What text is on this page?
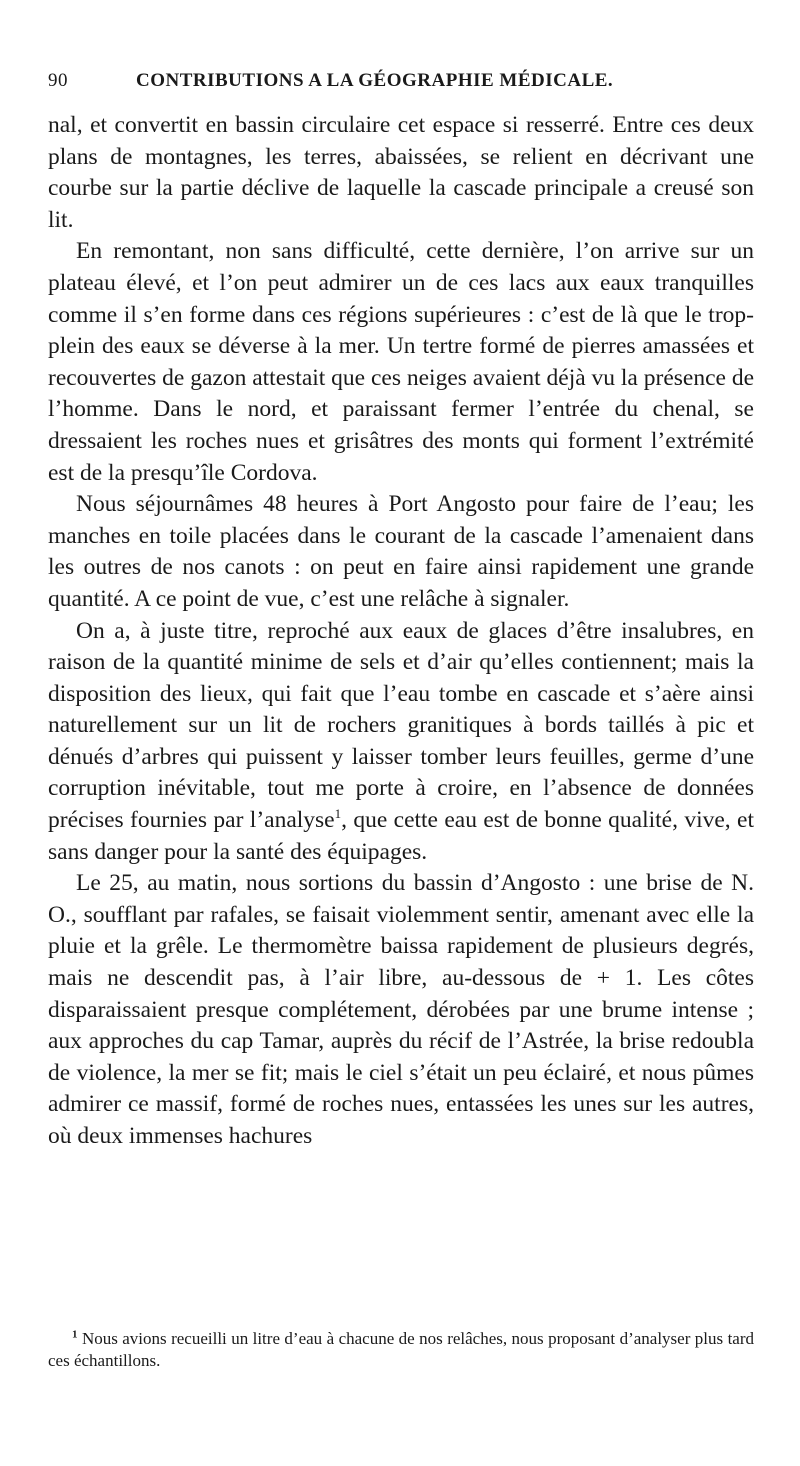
90	CONTRIBUTIONS A LA GÉOGRAPHIE MÉDICALE.

nal, et convertit en bassin circulaire cet espace si resserré. Entre ces deux plans de montagnes, les terres, abaissées, se relient en décrivant une courbe sur la partie déclive de laquelle la cascade principale a creusé son lit.

En remontant, non sans difficulté, cette dernière, l’on arrive sur un plateau élevé, et l’on peut admirer un de ces lacs aux eaux tranquilles comme il s’en forme dans ces régions supérieures : c’est de là que le trop-plein des eaux se déverse à la mer. Un tertre formé de pierres amassées et recouvertes de gazon attestait que ces neiges avaient déjà vu la présence de l’homme. Dans le nord, et paraissant fermer l’entrée du chenal, se dressaient les roches nues et grisâtres des monts qui forment l’extrémité est de la presqu’île Cordova.

Nous séjournâmes 48 heures à Port Angosto pour faire de l’eau; les manches en toile placées dans le courant de la cascade l’amenaient dans les outres de nos canots : on peut en faire ainsi rapidement une grande quantité. A ce point de vue, c’est une relâche à signaler.

On a, à juste titre, reproché aux eaux de glaces d’être insalubres, en raison de la quantité minime de sels et d’air qu’elles contiennent; mais la disposition des lieux, qui fait que l’eau tombe en cascade et s’aère ainsi naturellement sur un lit de rochers granitiques à bords taillés à pic et dénués d’arbres qui puissent y laisser tomber leurs feuilles, germe d’une corruption inévitable, tout me porte à croire, en l’absence de données précises fournies par l’analyse$^1$, que cette eau est de bonne qualité, vive, et sans danger pour la santé des équipages.

Le 25, au matin, nous sortions du bassin d’Angosto : une brise de N. O., soufflant par rafales, se faisait violemment sentir, amenant avec elle la pluie et la grêle. Le thermomètre baissa rapidement de plusieurs degrés, mais ne descendit pas, à l’air libre, au-dessous de + 1. Les côtes disparaissaient presque complétement, dérobées par une brume intense ; aux approches du cap Tamar, auprès du récif de l’Astrée, la brise redoubla de violence, la mer se fit; mais le ciel s’était un peu éclairé, et nous pûmes admirer ce massif, formé de roches nues, entassées les unes sur les autres, où deux immenses hachures

$^1$ Nous avions recueilli un litre d’eau à chacune de nos relâches, nous proposant d’analyser plus tard ces échantillons.
